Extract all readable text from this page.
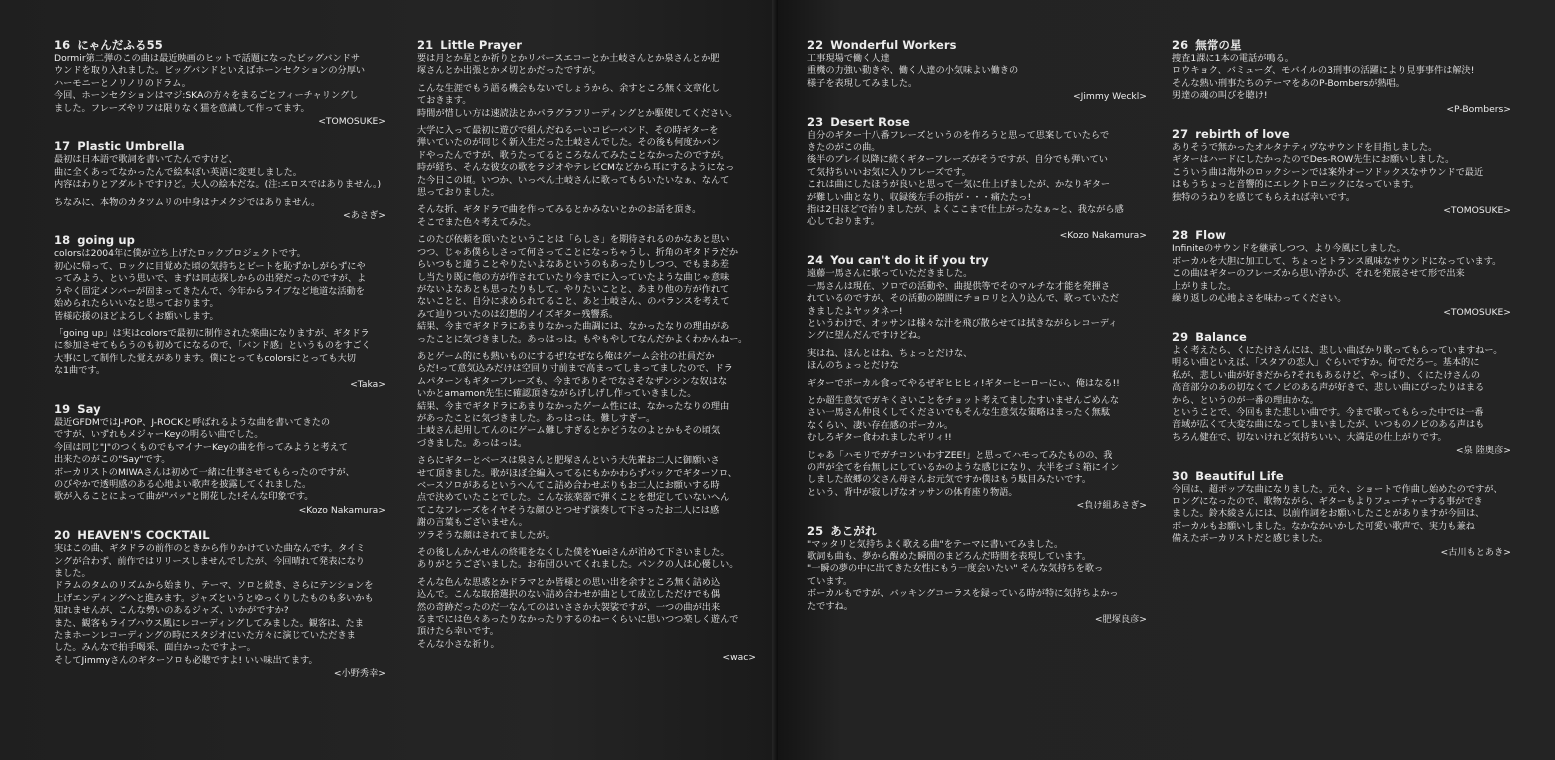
16 にゃんだふる55

Dormir第二弾のこの曲は最近映画のヒットで話題になったビッグバンドサ
ウンドを取り入れました。ビッグバンドといえばホーンセクションの分厚い
ハーモニーとノリノリのドラム。
今回、ホーンセクションはマジ:SKAの方々をまるごとフィーチャリングし
ました。フレーズやリフは限りなく猫を意識して作ってます。

<TOMOSUKE>
17 Plastic Umbrella

最初は日本語で歌詞を書いてたんですけど、
曲に全くあってなかったんで絵本ぽい英語に変更しました。
内容はわりとアダルトですけど。大人の絵本だな。(注:エロスではありません。)

ちなみに、本物のカタツムリの中身はナメクジではありません。

<あさぎ>
18 going up

colorsは2004年に僕が立ち上げたロックプロジェクトです。
初心に帰って、ロックに目覚めた頃の気持ちとビートを恥ずかしがらずにや
ってみよう、という思いで、まずは同志探しからの出発だったのですが、よ
うやく固定メンバーが固まってきたんで、今年からライブなど地道な活動を
始められたらいいなと思っております。
皆様応援のほどよろしくお願いします。

「going up」は実はcolorsで最初に制作された楽曲になりますが、ギタドラ
に参加させてもらうのも初めてになるので、「バンド感」というものをすごく
大事にして制作した覚えがあります。僕にとってもcolorsにとっても大切
な1曲です。

<Taka>
19 Say

最近GFDMではJ-POP、J-ROCKと呼ばれるような曲を書いてきたの
ですが、いずれもメジャーKeyの明るい曲でした。
今回は同じ"J"のつくものでもマイナーKeyの曲を作ってみようと考えて
出来たのがこの"Say"です。
ボーカリストのMIWAさんは初めて一緒に仕事させてもらったのですが、
のびやかで透明感のある心地よい歌声を披露してくれました。
歌が入ることによって曲が"パッ"と開花した!そんな印象です。

<Kozo Nakamura>
20 HEAVEN'S COCKTAIL

実はこの曲、ギタドラの前作のときから作りかけていた曲なんです。タイミ
ングが合わず、前作ではリリースしませんでしたが、今回晴れて発表になり
ました。
ドラムのタムのリズムから始まり、テーマ、ソロと続き、さらにテンションを
上げエンディングへと進みます。ジャズというとゆっくりしたものも多いかも
知れませんが、こんな勢いのあるジャズ、いかがですか?
また、観客もライブハウス風にレコーディングしてみました。観客は、たま
たまホーンレコーディングの時にスタジオにいた方々に演じていただきま
した。みんなで拍手喝采、面白かったですよー。
そしてJimmyさんのギターソロも必聴ですよ! いい味出てます。

<小野秀幸>
21 Little Prayer

要は月とか星とか祈りとかリバースエコーとか土岐さんとか泉さんとか肥
塚さんとか出張とかメ切とかだったですが。

こんな生涯でもう語る機会もないでしょうから、余すところ無く文章化し
ておきます。
時間が惜しい方は速読法とかパラグラフリーディングとか駆使してください。

大学に入って最初に遊びで組んだねるーいコピーバンド、その時ギターを
弾いていたのが同じく新入生だった土岐さんでした。その後も何度かバン
ドやったんですが、歌うたってるところなんてみたことなかったのですが。
時が経ち、そんな彼女の歌をラジオやテレビCMなどから耳にするようになっ
た今日この頃。いつか、いっぺん土岐さんに歌ってもらいたいなぁ、なんて
思っておりました。

そんな折、ギタドラで曲を作ってみるとかみないとかのお話を頂き。
そこでまた色々考えてみた。

このたび依頼を頂いたということは「らしさ」を期待されるのかなあと思い
つつ、じゃあ僕らしさって何さってことになっちゃうし、折角のギタドラだか
らいつもと違うことやりたいよなあというのもあったりしつつ、でもまあ差
し当たり既に他の方が作されていたり今までに入っていたような曲じゃ意味
がないよなあとも思ったりもして。やりたいことと、あまり他の方が作れて
ないことと、自分に求められてること、あと土岐さん、のバランスを考えて
みて辿りついたのは幻想的ノイズギター残響系。
結果、今までギタドラにあまりなかった曲調には、なかったなりの理由があ
ったことに気づきました。あっはっは。もやもやしてなんだかよくわかんねー。

あとゲーム的にも熱いものにするぜ!なぜなら俺はゲーム会社の社員だか
らだ!って意気込みだけは空回り寸前まで高まってしまってましたので、ドラ
ムパターンもギターフレーズも、今までありそでなさそなザンシンな奴はな
いかとamamon先生に確認頂きながらげしげし作っていきました。
結果、今までギタドラにあまりなかったゲーム性には、なかったなりの理由
があったことに気づきました。あっはっは。難しすぎー。
土岐さん起用してんのにゲーム難しすぎるとかどうなのよとかもその頃気
づきました。あっはっは。

さらにギターとベースは泉さんと肥塚さんという大先輩お二人に御願いさ
せて頂きました。歌がほぼ全編入ってるにもかかわらずバックでギターソロ、
ベースソロがあるというへんてこ詰め合わせぶりもお二人にお願いする時
点で決めていたことでした。こんな弦楽器で弾くことを想定していないへん
てこなフレーズをイヤそうな顔ひとつせず演奏して下さったお二人には感
謝の言葉もございません。
ツラそうな顔はされてましたが。

その後しんかんせんの終電をなくした僕をYueiさんが泊めて下さいました。
ありがとうございました。お布団ひいてくれました。パンクの人は心優しい。

そんな色んな思惑とかドラマとか皆様との思い出を余すところ無く詰め込
込んで。こんな取捨選択のない詰め合わせが曲として成立しただけでも偶
然の奇跡だったのだ一なんてのはいささか大袈裟ですが、一つの曲が出来
るまでには色々あったりなかったりするのねーくらいに思いつつ楽しく遊んで
頂けたら幸いです。
そんな小さな祈り。

<wac>
22 Wonderful Workers

工事現場で働く人達
重機の力強い動きや、働く人達の小気味よい働きの
様子を表現してみました。

<Jimmy Weckl>
23 Desert Rose

自分のギター十八番フレーズというのを作ろうと思って思案していたらで
きたのがこの曲。
後半のプレイ以降に続くギターフレーズがそうですが、自分でも弾いてい
て気持ちいいお気に入りフレーズです。
これは曲にしたほうが良いと思って一気に仕上げましたが、かなりギター
が難しい曲となり、収録後左手の指が・・・痛たたっ!
指は2日ほどで治りましたが、よくここまで仕上がったなぁ~と、我ながら感
心しております。

<Kozo Nakamura>
24 You can't do it if you try

遠藤一馬さんに歌っていただきました。
一馬さんは現在、ソロでの活動や、曲提供等でそのマルチな才能を発揮さ
れているのですが、その活動の隙間にチョロリと入り込んで、歌っていただ
きましたよヤッタネー!
というわけで、オッサンは様々な汁を飛び散らせては拭きながらレコーディ
ングに望んだんですけどね。

実はね、ほんとはね、ちょっとだけな、
ほんのちょっとだけな

ギターでボーカル食ってやるぜギヒヒヒィ!ギターヒーローにぃ、俺はなる!!

とか超生意気でガキくさいことをチョット考えてましたすいませんごめんな
さい一馬さん仲良くしてくださいでもそんな生意気な策略はまったく無駄
なくらい、凄い存在感のボーカル。
むしろギター食われましたギリィ!!

じゃあ「ハモリでガチコンいわすZEE!」と思ってハモってみたものの、我
の声が全てを台無しにしているかのような感じになり、大半をゴミ箱にイン
しました故郷の父さん母さんお元気ですか僕はもう駄目みたいです。
という、背中が寂しげなオッサンの体育座り物語。

<負け組あさぎ>
25 あこがれ

"マッタリと気持ちよく歌える曲"をテーマに書いてみました。
歌詞も曲も、夢から醒めた瞬間のまどろんだ時間を表現しています。
"一瞬の夢の中に出てきた女性にもう一度会いたい" そんな気持ちを歌っ
ています。
ボーカルもですが、バッキングコーラスを録っている時が特に気持ちよかっ
たですね。

<肥塚良彦>
26 無常の星

捜査1課に1本の電話が鳴る。
ロウキョク、バミューダ、モバイルの3刑事の活躍により見事事件は解決!
そんな熱い刑事たちのテーマをあのP-Bombersが熱唱。
男達の魂の叫びを聴け!

<P-Bombers>
27 rebirth of love

ありそうで無かったオルタナティヴなサウンドを目指しました。
ギターはハードにしたかったのでDes-ROW先生にお願いしました。
こういう曲は海外のロックシーンでは案外オーソドックスなサウンドで最近
はもうちょっと音響的にエレクトロニックになっています。
独特のうねりを感じてもらえれば幸いです。

<TOMOSUKE>
28 Flow

Infiniteのサウンドを継承しつつ、より今風にしました。
ボーカルを大胆に加工して、ちょっとトランス風味なサウンドになっています。
この曲はギターのフレーズから思い浮かび、それを発展させて形で出来
上がりました。
繰り返しの心地よさを味わってください。

<TOMOSUKE>
29 Balance

よく考えたら、くにたけさんには、悲しい曲ばかり歌ってもらっていますねー。
明るい曲といえば、「スタアの恋人」ぐらいですか。何でだろー。基本的に
私が、悲しい曲が好きだから?それもあるけど、やっぱり、くにたけさんの
高音部分のあの切なくてノビのある声が好きで、悲しい曲にぴったりはまる
から、というのが一番の理由かな。
ということで、今回もまた悲しい曲です。今まで歌ってもらった中では一番
音域が広くて大変な曲になってしまいましたが、いつものノビのある声はも
ちろん健在で、切ないけれど気持ちいい、大満足の仕上がりです。

<泉 陸奥彦>
30 Beautiful Life

今回は、超ポップな曲になりました。元々、ショートで作曲し始めたのですが、
ロングになったので、歌物ながら、ギターもよりフューチャーする事ができ
ました。鈴木綾さんには、以前作詞をお願いしたことがありますが今回は、
ボーカルもお願いしました。なかなかいかした可愛い歌声で、実力も兼ね
備えたボーカリストだと感じました。

<古川もとあき>
